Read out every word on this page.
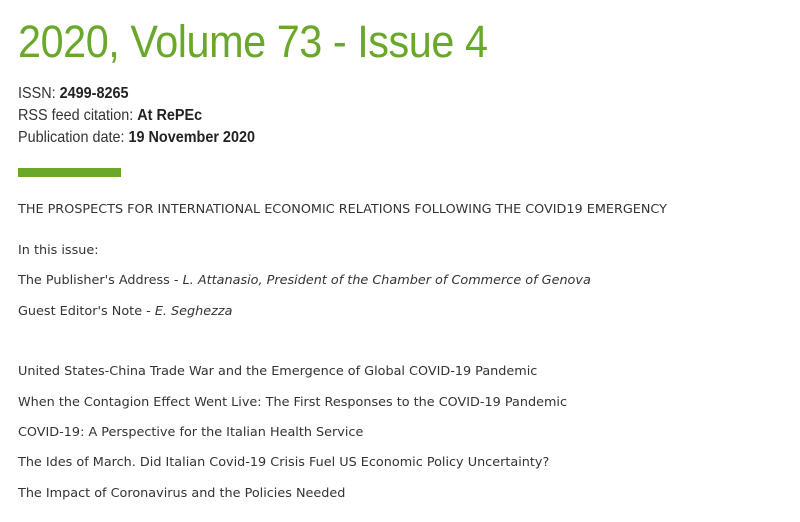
2020, Volume 73 - Issue 4
ISSN: 2499-8265
RSS feed citation: At RePEc
Publication date: 19 November 2020
THE PROSPECTS FOR INTERNATIONAL ECONOMIC RELATIONS FOLLOWING THE COVID19 EMERGENCY
In this issue:
The Publisher's Address - L. Attanasio, President of the Chamber of Commerce of Genova
Guest Editor's Note - E. Seghezza
United States-China Trade War and the Emergence of Global COVID-19 Pandemic
When the Contagion Effect Went Live: The First Responses to the COVID-19 Pandemic
COVID-19: A Perspective for the Italian Health Service
The Ides of March. Did Italian Covid-19 Crisis Fuel US Economic Policy Uncertainty?
The Impact of Coronavirus and the Policies Needed
